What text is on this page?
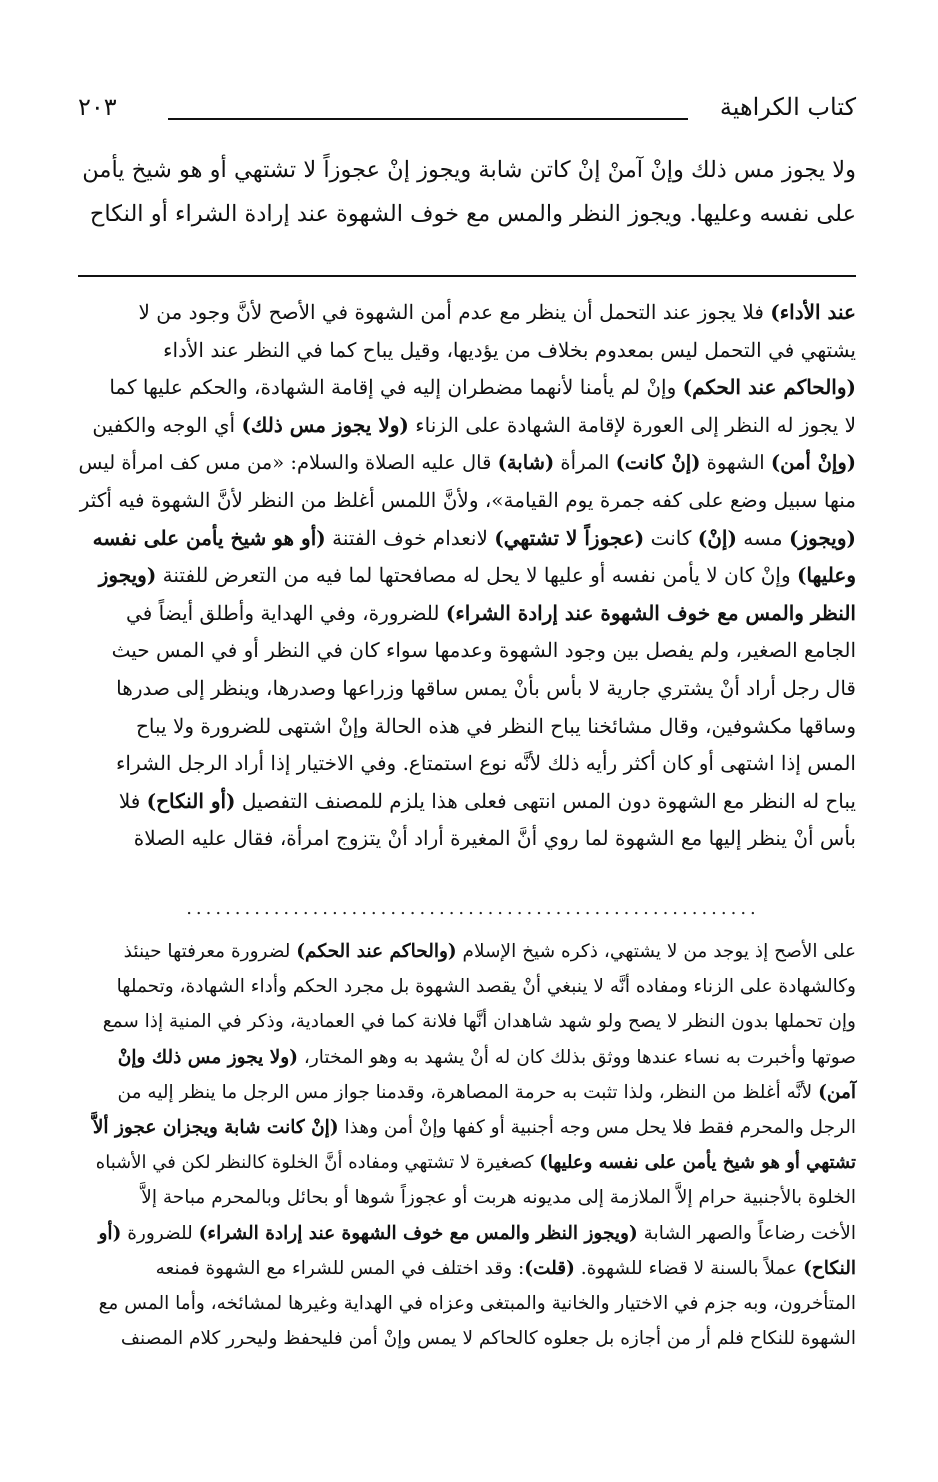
كتاب الكراهية
٢٠٣

ولا يجوز مس ذلك وإنْ آمنْ إنْ كاتن شابة ويجوز إنْ عجوزاً لا تشتهي أو هو شيخ يأمن

على نفسه وعليها. ويجوز النظر والمس مع خوف الشهوة عند إرادة الشراء أو النكاح

عند الأداء) فلا يجوز عند التحمل أن ينظر مع عدم أمن الشهوة في الأصح لأنَّ وجود من لا

يشتهي في التحمل ليس بمعدوم بخلاف من يؤديها، وقيل يباح كما في النظر عند الأداء

(والحاكم عند الحكم) وإنْ لم يأمنا لأنهما مضطران إليه في إقامة الشهادة، والحكم عليها كما

لا يجوز له النظر إلى العورة لإقامة الشهادة على الزناء (ولا يجوز مس ذلك) أي الوجه والكفين

(وإنْ أمن) الشهوة (إنْ كانت) المرأة (شابة) قال عليه الصلاة والسلام: «من مس كف امرأة ليس

منها سبيل وضع على كفه جمرة يوم القيامة»، ولأنَّ اللمس أغلظ من النظر لأنَّ الشهوة فيه أكثر

(ويجوز) مسه (إنْ) كانت (عجوزاً لا تشتهي) لانعدام خوف الفتنة (أو هو شيخ يأمن على نفسه

وعليها) وإنْ كان لا يأمن نفسه أو عليها لا يحل له مصافحتها لما فيه من التعرض للفتنة (ويجوز

النظر والمس مع خوف الشهوة عند إرادة الشراء) للضرورة، وفي الهداية وأطلق أيضاً في

الجامع الصغير، ولم يفصل بين وجود الشهوة وعدمها سواء كان في النظر أو في المس حيث

قال رجل أراد أنْ يشتري جارية لا بأس بأنْ يمس ساقها وزراعها وصدرها، وينظر إلى صدرها

وساقها مكشوفين، وقال مشائخنا يباح النظر في هذه الحالة وإنْ اشتهى للضرورة ولا يباح

المس إذا اشتهى أو كان أكثر رأيه ذلك لأنَّه نوع استمتاع. وفي الاختيار إذا أراد الرجل الشراء

يباح له النظر مع الشهوة دون المس انتهى فعلى هذا يلزم للمصنف التفصيل (أو النكاح) فلا

بأس أنْ ينظر إليها مع الشهوة لما روي أنَّ المغيرة أراد أنْ يتزوج امرأة، فقال عليه الصلاة

...........................................................

على الأصح إذ يوجد من لا يشتهي، ذكره شيخ الإسلام (والحاكم عند الحكم) لضرورة معرفتها حينئذ

وكالشهادة على الزناء ومفاده أنَّه لا ينبغي أنْ يقصد الشهوة بل مجرد الحكم وأداء الشهادة، وتحملها

وإن تحملها بدون النظر لا يصح ولو شهد شاهدان أنَّها فلانة كما في العمادية، وذكر في المنية إذا سمع

صوتها وأخبرت به نساء عندها ووثق بذلك كان له أنْ يشهد به وهو المختار، (ولا يجوز مس ذلك وإنْ

آمن) لأنَّه أغلظ من النظر، ولذا تثبت به حرمة المصاهرة، وقدمنا جواز مس الرجل ما ينظر إليه من

الرجل والمحرم فقط فلا يحل مس وجه أجنبية أو كفها وإنْ أمن وهذا (إنْ كانت شابة ويجزان عجوز ألاَّ

تشتهي أو هو شيخ يأمن على نفسه وعليها) كصغيرة لا تشتهي ومفاده أنَّ الخلوة كالنظر لكن في الأشباه

الخلوة بالأجنبية حرام إلاَّ الملازمة إلى مديونه هربت أو عجوزاً شوها أو بحائل وبالمحرم مباحة إلاَّ

الأخت رضاعاً والصهر الشابة (ويجوز النظر والمس مع خوف الشهوة عند إرادة الشراء) للضرورة (أو

النكاح) عملاً بالسنة لا قضاء للشهوة. (قلت): وقد اختلف في المس للشراء مع الشهوة فمنعه

المتأخرون، وبه جزم في الاختيار والخانية والمبتغى وعزاه في الهداية وغيرها لمشائخه، وأما المس مع

الشهوة للنكاح فلم أر من أجازه بل جعلوه كالحاكم لا يمس وإنْ أمن فليحفظ وليحرر كلام المصنف
